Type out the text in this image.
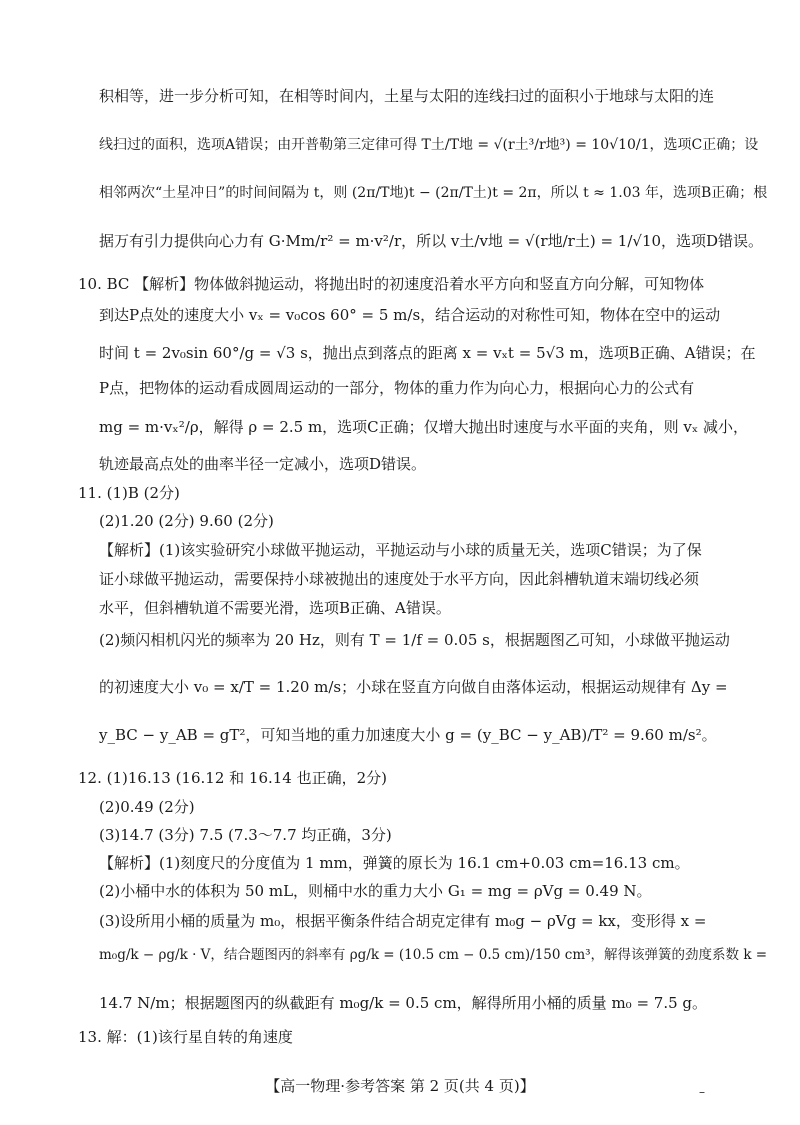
积相等，进一步分析可知，在相等时间内，土星与太阳的连线扫过的面积小于地球与太阳的连
线扫过的面积，选项A错误；由开普勒第三定律可得 T土/T地 = √(r土³/r地³) = 10√10/1，选项C正确；设
相邻两次“土星冲日”的时间间隔为 t，则 (2π/T地)t − (2π/T土)t = 2π，所以 t ≈ 1.03 年，选项B正确；根
据万有引力提供向心力有 G·Mm/r² = m·v²/r，所以 v土/v地 = √(r地/r土) = 1/√10，选项D错误。
10. BC 【解析】物体做斜抛运动，将抛出时的初速度沿着水平方向和竖直方向分解，可知物体
到达P点处的速度大小 vₓ = v₀cos 60° = 5 m/s，结合运动的对称性可知，物体在空中的运动
时间 t = 2v₀sin 60°/g = √3 s，抛出点到落点的距离 x = vₓt = 5√3 m，选项B正确、A错误；在
P点，把物体的运动看成圆周运动的一部分，物体的重力作为向心力，根据向心力的公式有
mg = m·vₓ²/ρ，解得 ρ = 2.5 m，选项C正确；仅增大抛出时速度与水平面的夹角，则 vₓ 减小，
轨迹最高点处的曲率半径一定减小，选项D错误。
11. (1)B (2分)
(2)1.20 (2分) 9.60 (2分)
【解析】(1)该实验研究小球做平抛运动，平抛运动与小球的质量无关，选项C错误；为了保
证小球做平抛运动，需要保持小球被抛出的速度处于水平方向，因此斜槽轨道末端切线必须
水平，但斜槽轨道不需要光滑，选项B正确、A错误。
(2)频闪相机闪光的频率为 20 Hz，则有 T = 1/f = 0.05 s，根据题图乙可知，小球做平抛运动
的初速度大小 v₀ = x/T = 1.20 m/s；小球在竖直方向做自由落体运动，根据运动规律有 Δy =
y_BC − y_AB = gT²，可知当地的重力加速度大小 g = (y_BC − y_AB)/T² = 9.60 m/s²。
12. (1)16.13 (16.12 和 16.14 也正确，2分)
(2)0.49 (2分)
(3)14.7 (3分) 7.5 (7.3～7.7 均正确，3分)
【解析】(1)刻度尺的分度值为 1 mm，弹簧的原长为 16.1 cm+0.03 cm=16.13 cm。
(2)小桶中水的体积为 50 mL，则桶中水的重力大小 G₁ = mg = ρVg = 0.49 N。
(3)设所用小桶的质量为 m₀，根据平衡条件结合胡克定律有 m₀g − ρVg = kx，变形得 x =
m₀g/k − ρg/k · V，结合题图丙的斜率有 ρg/k = (10.5 cm − 0.5 cm)/150 cm³，解得该弹簧的劲度系数 k =
14.7 N/m；根据题图丙的纵截距有 m₀g/k = 0.5 cm，解得所用小桶的质量 m₀ = 7.5 g。
13. 解：(1)该行星自转的角速度
【高一物理·参考答案 第 2 页(共 4 页)】	–
